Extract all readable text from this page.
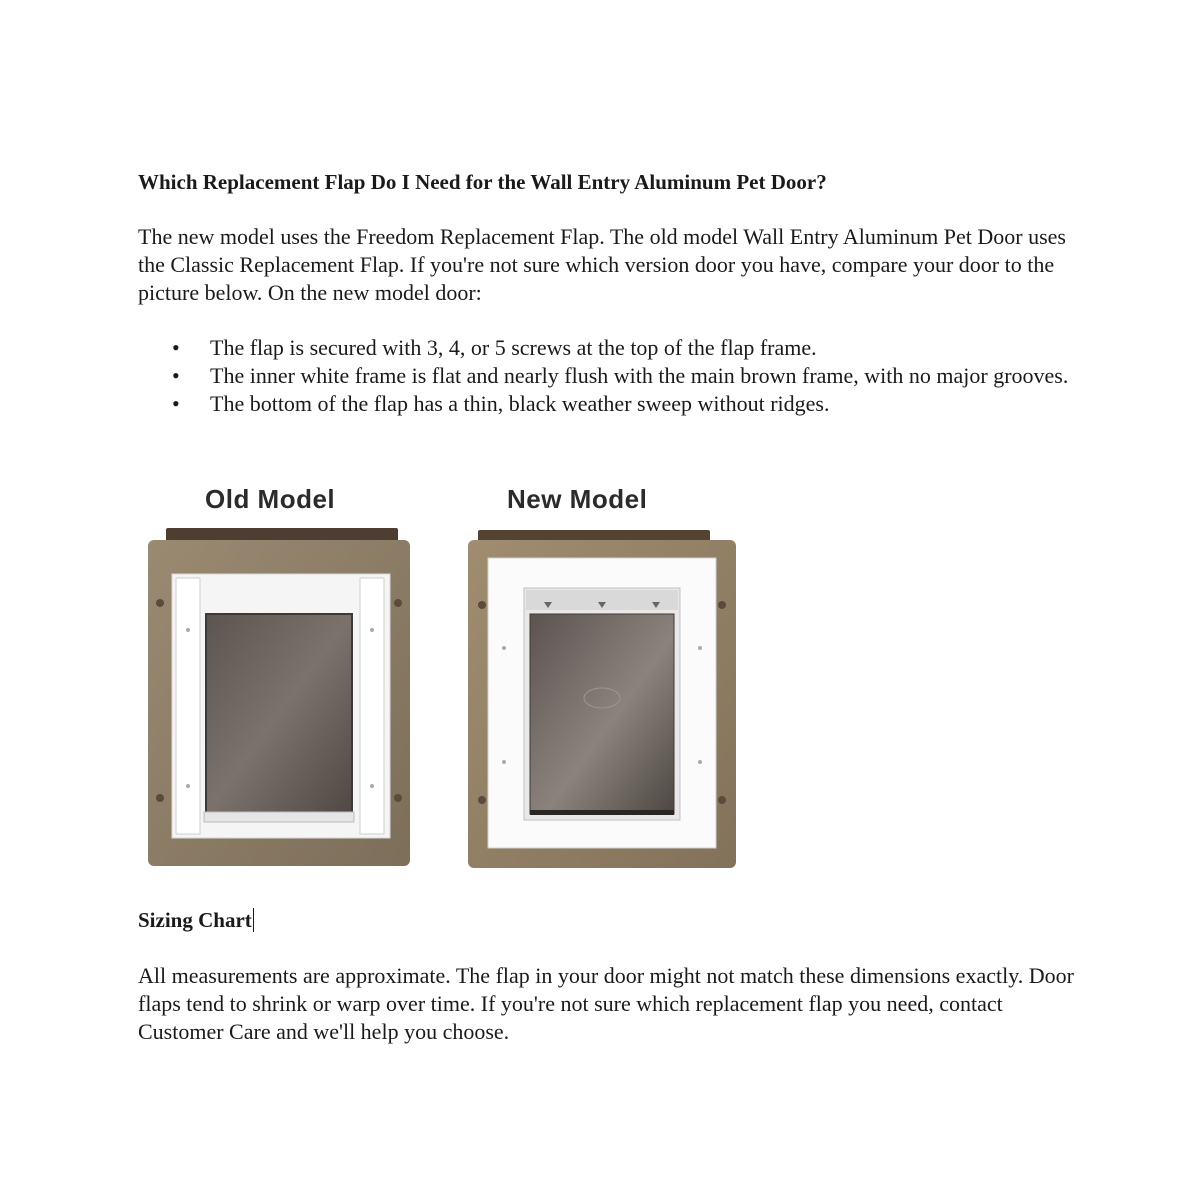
Which Replacement Flap Do I Need for the Wall Entry Aluminum Pet Door?

The new model uses the Freedom Replacement Flap. The old model Wall Entry Aluminum Pet Door uses the Classic Replacement Flap. If you're not sure which version door you have, compare your door to the picture below. On the new model door:

• The flap is secured with 3, 4, or 5 screws at the top of the flap frame.
• The inner white frame is flat and nearly flush with the main brown frame, with no major grooves.
• The bottom of the flap has a thin, black weather sweep without ridges.
Old Model	New Model
Sizing Chart

All measurements are approximate. The flap in your door might not match these dimensions exactly. Door flaps tend to shrink or warp over time. If you're not sure which replacement flap you need, contact Customer Care and we'll help you choose.
